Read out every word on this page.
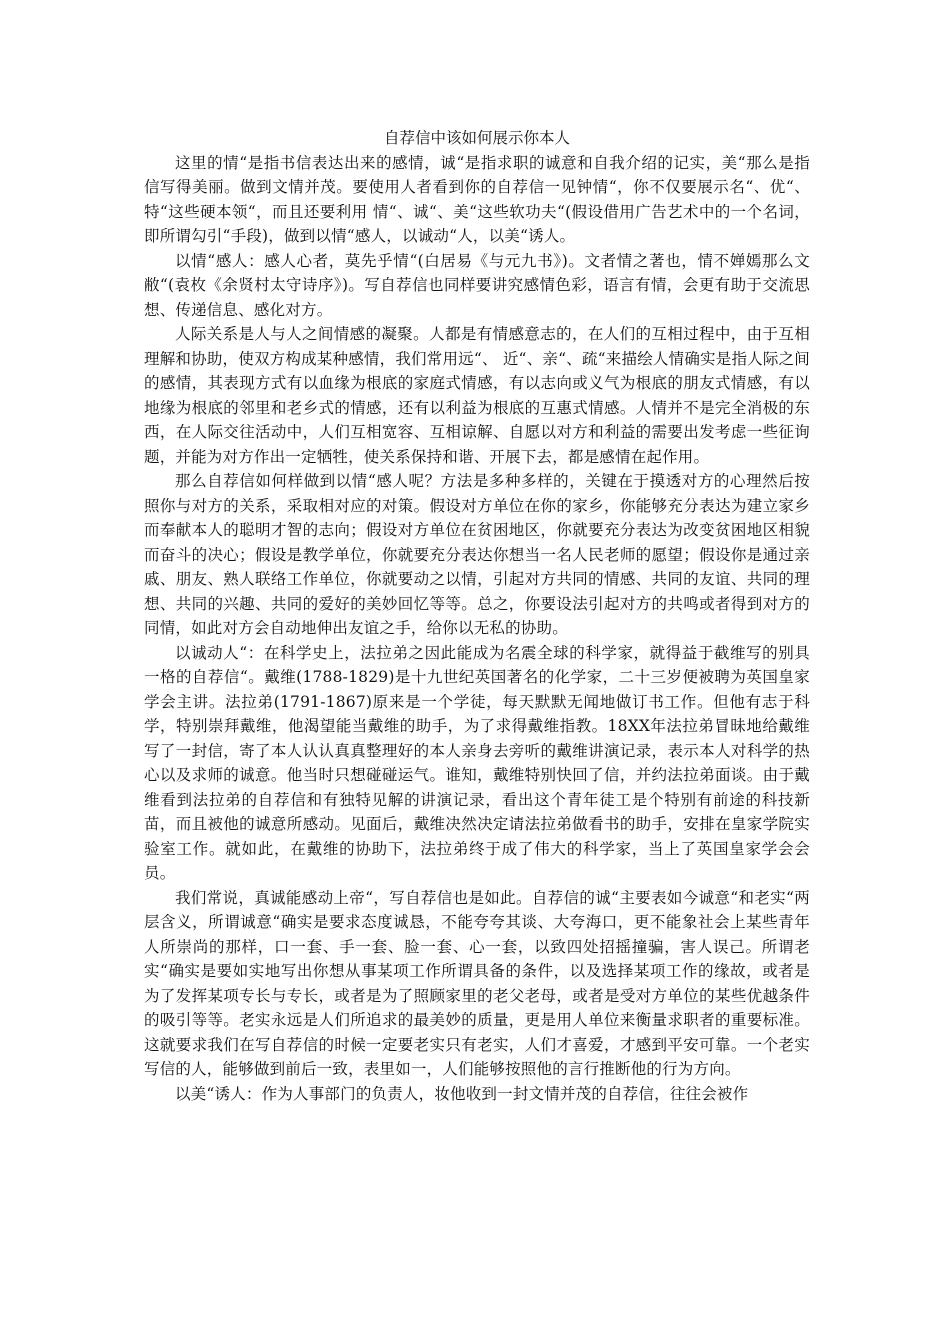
自荐信中该如何展示你本人

这里的情“是指书信表达出来的感情，诚“是指求职的诚意和自我介绍的记实，美“那么是指信写得美丽。做到文情并茂。要使用人者看到你的自荐信一见钟情“，你不仅要展示名“、优“、特“这些硬本领“，而且还要利用 情“、诚“、美“这些软功夫“(假设借用广告艺术中的一个名词，即所谓勾引“手段)，做到以情“感人，以诚动“人，以美“诱人。

以情“感人：感人心者，莫先乎情“(白居易《与元九书》)。文者情之著也，情不婵嫣那么文敝“(袁枚《余贤村太守诗序》)。写自荐信也同样要讲究感情色彩，语言有情，会更有助于交流思想、传递信息、感化对方。

人际关系是人与人之间情感的凝聚。人都是有情感意志的，在人们的互相过程中，由于互相理解和协助，使双方构成某种感情，我们常用远“、 近“、亲“、疏“来描绘人情确实是指人际之间的感情，其表现方式有以血缘为根底的家庭式情感，有以志向或义气为根底的朋友式情感，有以地缘为根底的邻里和老乡式的情感，还有以利益为根底的互惠式情感。人情并不是完全消极的东西，在人际交往活动中，人们互相宽容、互相谅解、自愿以对方和利益的需要出发考虑一些征询题，并能为对方作出一定牺牲，使关系保持和谐、开展下去，都是感情在起作用。

那么自荐信如何样做到以情“感人呢？方法是多种多样的，关键在于摸透对方的心理然后按照你与对方的关系，采取相对应的对策。假设对方单位在你的家乡，你能够充分表达为建立家乡而奉献本人的聪明才智的志向；假设对方单位在贫困地区，你就要充分表达为改变贫困地区相貌而奋斗的决心；假设是教学单位，你就要充分表达你想当一名人民老师的愿望；假设你是通过亲戚、朋友、熟人联络工作单位，你就要动之以情，引起对方共同的情感、共同的友谊、共同的理想、共同的兴趣、共同的爱好的美妙回忆等等。总之，你要设法引起对方的共鸣或者得到对方的同情，如此对方会自动地伸出友谊之手，给你以无私的协助。

以诚动人“：在科学史上，法拉弟之因此能成为名震全球的科学家，就得益于截维写的别具一格的自荐信“。戴维(1788-1829)是十九世纪英国著名的化学家，二十三岁便被聘为英国皇家学会主讲。法拉弟(1791-1867)原来是一个学徒，每天默默无闻地做订书工作。但他有志于科学，特别崇拜戴维，他渴望能当戴维的助手，为了求得戴维指教。18XX年法拉弟冒昧地给戴维写了一封信，寄了本人认认真真整理好的本人亲身去旁听的戴维讲演记录，表示本人对科学的热心以及求师的诚意。他当时只想碰碰运气。谁知，戴维特别快回了信，并约法拉弟面谈。由于戴维看到法拉弟的自荐信和有独特见解的讲演记录，看出这个青年徒工是个特别有前途的科技新苗，而且被他的诚意所感动。见面后，戴维决然决定请法拉弟做看书的助手，安排在皇家学院实验室工作。就如此，在戴维的协助下，法拉弟终于成了伟大的科学家，当上了英国皇家学会会员。

我们常说，真诚能感动上帝“，写自荐信也是如此。自荐信的诚“主要表如今诚意“和老实“两层含义，所谓诚意“确实是要求态度诚恳，不能夸夸其谈、大夸海口，更不能象社会上某些青年人所崇尚的那样，口一套、手一套、脸一套、心一套，以致四处招摇撞骗，害人误己。所谓老实“确实是要如实地写出你想从事某项工作所谓具备的条件，以及选择某项工作的缘故，或者是为了发挥某项专长与专长，或者是为了照顾家里的老父老母，或者是受对方单位的某些优越条件的吸引等等。老实永远是人们所追求的最美妙的质量，更是用人单位来衡量求职者的重要标准。这就要求我们在写自荐信的时候一定要老实只有老实，人们才喜爱，才感到平安可靠。一个老实写信的人，能够做到前后一致，表里如一，人们能够按照他的言行推断他的行为方向。

以美“诱人：作为人事部门的负责人，妆他收到一封文情并茂的自荐信，往往会被作
